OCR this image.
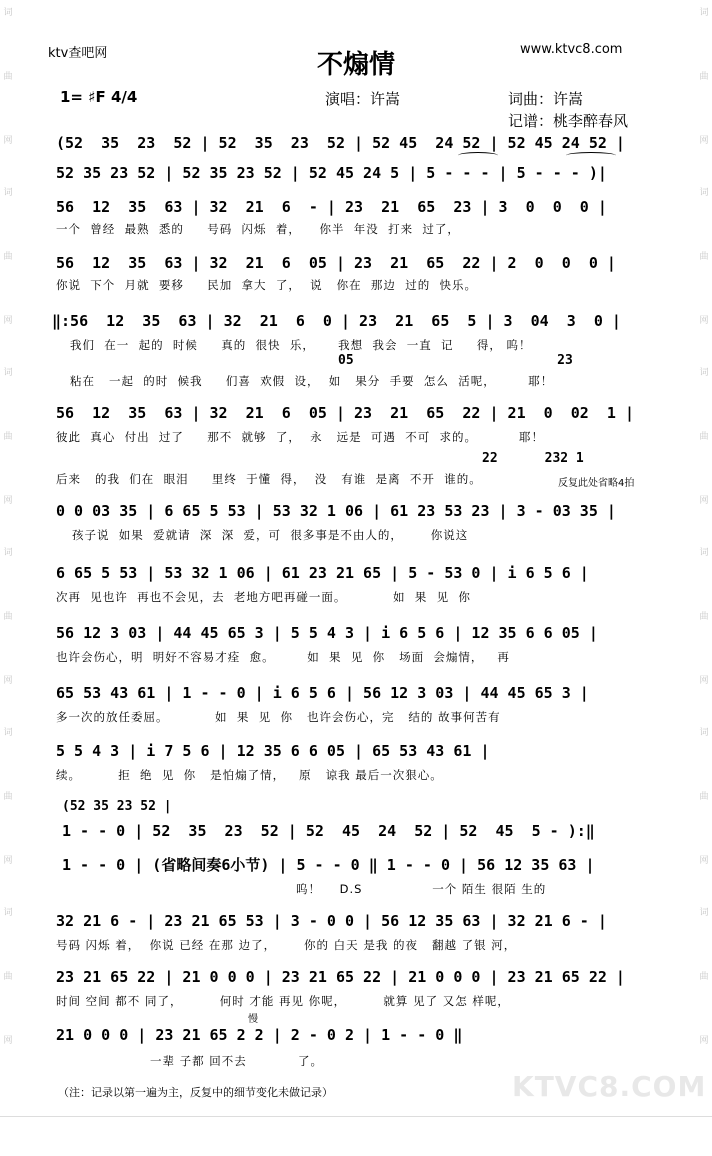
词
曲
网
词
曲
网
词
曲
网
词
曲
网
词
曲
网
词
曲
网
词
曲
网
词
曲
网
词
曲
网
词
曲
网
词
曲
网
词
曲
网
ktv查吧网	不煽情
www.ktvc8.com
1= ♯F 4/4	演唱：许嵩	词曲：许嵩
记谱：桃李醉春风
(52  35  23  52 | 52  35  23  52 | 52 45  24 52 | 52 45 24 52 |
52 35 23 52 | 52 35 23 52 | 52 45 24 5 | 5 - - - | 5 - - - )|
56  12  35  63 | 32  21  6  - | 23  21  65  23 | 3  0  0  0 |
一个  曾经  最熟  悉的     号码  闪烁  着，    你半  年没  打来  过了，
56  12  35  63 | 32  21  6  05 | 23  21  65  22 | 2  0  0  0 |
你说  下个  月就  要移     民加  拿大  了，  说   你在  那边  过的  快乐。
‖:56  12  35  63 | 32  21  6  0 | 23  21  65  5 | 3  04  3  0 |
我们  在一  起的  时候     真的  很快  乐，     我想  我会  一直  记     得， 呜！
05                          23
粘在   一起  的时  候我     们喜  欢假  设，  如   果分  手要  怎么  活呢，       耶！
56  12  35  63 | 32  21  6  05 | 23  21  65  22 | 21  0  02  1 |
彼此  真心  付出  过了     那不  就够  了，  永   远是  可遇  不可  求的。         耶！
22      232 1
后来   的我  们在  眼泪     里终  于懂  得，  没   有谁  是离  不开  谁的。	反复此处省略4拍
0 0 03 35 | 6 65 5 53 | 53 32 1 06 | 61 23 53 23 | 3 - 03 35 |
孩子说  如果  爱就请  深  深  爱，可  很多事是不由人的，      你说这
6 65 5 53 | 53 32 1 06 | 61 23 21 65 | 5 - 53 0 | i 6 5 6 |
次再  见也许  再也不会见，去  老地方吧再碰一面。          如  果  见  你
56 12 3 03 | 44 45 65 3 | 5 5 4 3 | i 6 5 6 | 12 35 6 6 05 |
也许会伤心，明  明好不容易才痊  愈。       如  果  见  你   场面  会煽情，   再
65 53 43 61 | 1 - - 0 | i 6 5 6 | 56 12 3 03 | 44 45 65 3 |
多一次的放任委屈。          如  果  见  你   也许会伤心，完   结的 故事何苦有
5 5 4 3 | i 7 5 6 | 12 35 6 6 05 | 65 53 43 61 |
续。        拒  绝  见  你   是怕煽了情，   原   谅我 最后一次狠心。
(52 35 23 52 |
1 - - 0 | 52  35  23  52 | 52  45  24  52 | 52  45  5 - ):‖
1 - - 0 | (省略间奏6小节) | 5 - - 0 ‖ 1 - - 0 | 56 12 35 63 |
呜！    D.S               一个 陌生 很陌 生的
32 21 6 - | 23 21 65 53 | 3 - 0 0 | 56 12 35 63 | 32 21 6 - |
号码 闪烁 着，  你说 已经 在那 边了，      你的 白天 是我 的夜   翻越 了银 河，
23 21 65 22 | 21 0 0 0 | 23 21 65 22 | 21 0 0 0 | 23 21 65 22 |
时间 空间 都不 同了，        何时 才能 再见 你呢，        就算 见了 又怎 样呢，
慢
21 0 0 0 | 23 21 65 2 2 | 2 - 0 2 | 1 - - 0 ‖
一辈 子都 回不去           了。
KTVC8.COM
（注：记录以第一遍为主，反复中的细节变化未做记录）
